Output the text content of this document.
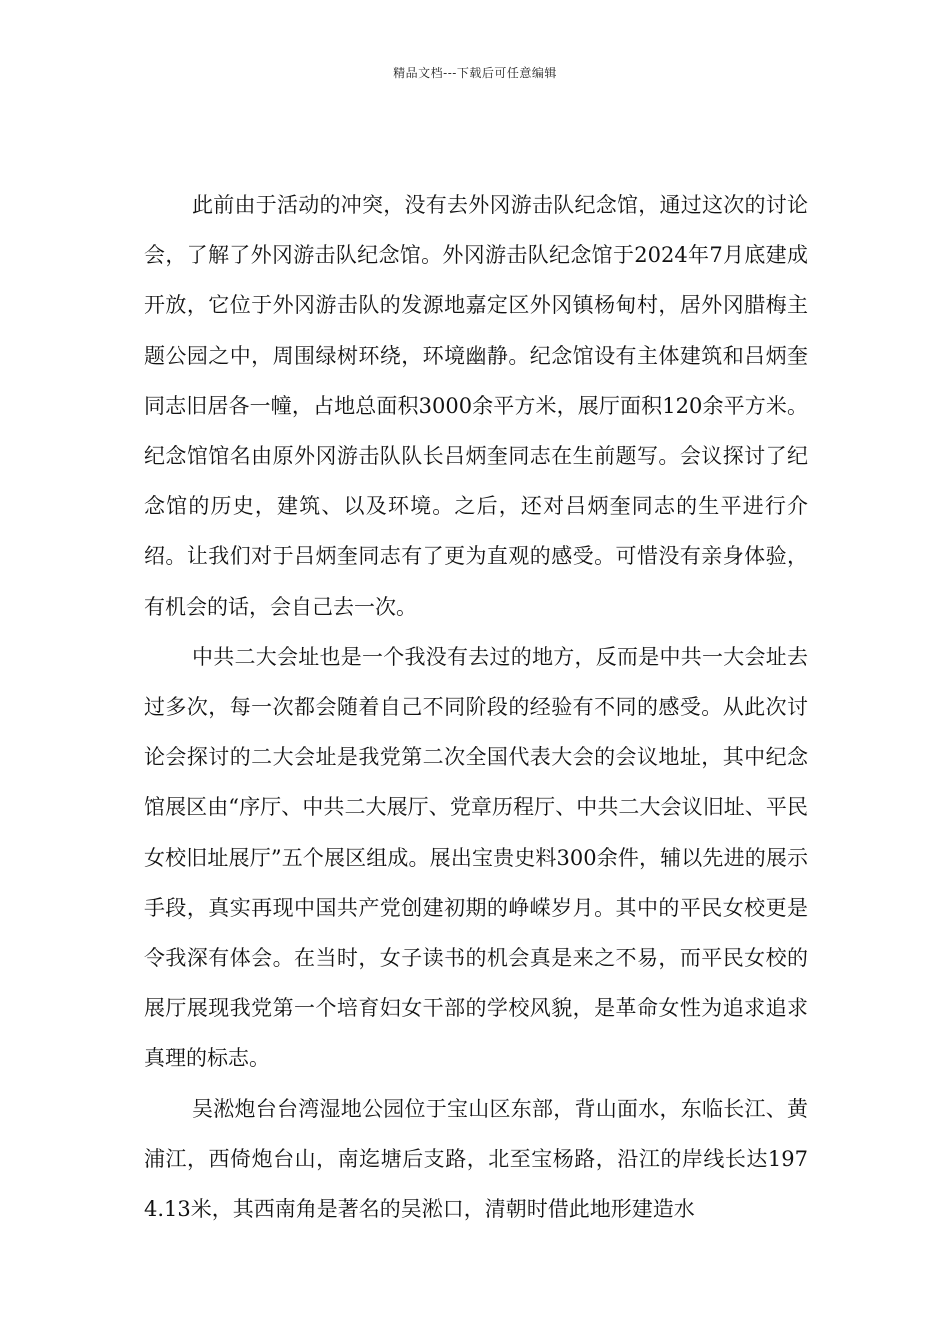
精品文档---下载后可任意编辑

此前由于活动的冲突，没有去外冈游击队纪念馆，通过这次的讨论会，了解了外冈游击队纪念馆。外冈游击队纪念馆于2024年7月底建成开放，它位于外冈游击队的发源地嘉定区外冈镇杨甸村，居外冈腊梅主题公园之中，周围绿树环绕，环境幽静。纪念馆设有主体建筑和吕炳奎同志旧居各一幢，占地总面积3000余平方米，展厅面积120余平方米。纪念馆馆名由原外冈游击队队长吕炳奎同志在生前题写。会议探讨了纪念馆的历史，建筑、以及环境。之后，还对吕炳奎同志的生平进行介绍。让我们对于吕炳奎同志有了更为直观的感受。可惜没有亲身体验，有机会的话，会自己去一次。

中共二大会址也是一个我没有去过的地方，反而是中共一大会址去过多次，每一次都会随着自己不同阶段的经验有不同的感受。从此次讨论会探讨的二大会址是我党第二次全国代表大会的会议地址，其中纪念馆展区由“序厅、中共二大展厅、党章历程厅、中共二大会议旧址、平民女校旧址展厅”五个展区组成。展出宝贵史料300余件，辅以先进的展示手段，真实再现中国共产党创建初期的峥嵘岁月。其中的平民女校更是令我深有体会。在当时，女子读书的机会真是来之不易，而平民女校的展厅展现我党第一个培育妇女干部的学校风貌，是革命女性为追求追求真理的标志。

吴淞炮台台湾湿地公园位于宝山区东部，背山面水，东临长江、黄浦江，西倚炮台山，南迄塘后支路，北至宝杨路，沿江的岸线长达1974.13米，其西南角是著名的吴淞口，清朝时借此地形建造水
